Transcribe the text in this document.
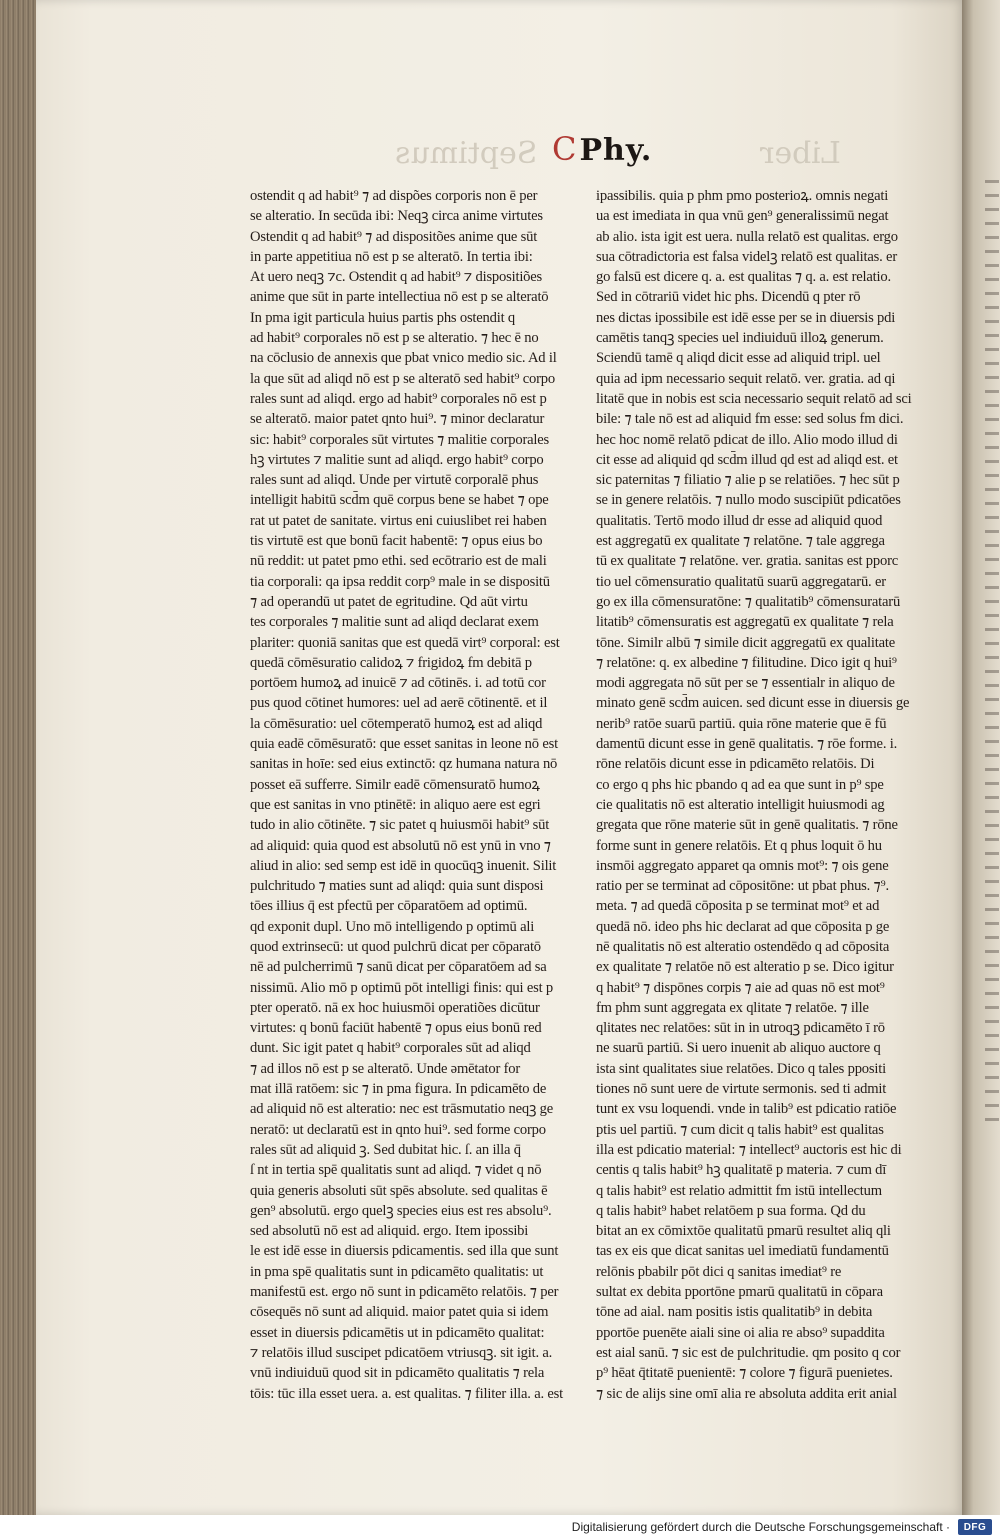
Septimus	Liber
CPhy.
ostendit q ad habit⁹ ⁊ ad dispões corporis non ē per
se alteratio. In secūda ibi: Neqꝫ circa anime virtutes
Ostendit q ad habit⁹ ⁊ ad dispositões anime que sūt
in parte appetitiua nō est p se alteratō. In tertia ibi:
At uero neqꝫ ⁊c. Ostendit q ad habit⁹ ⁊ dispositiões
anime que sūt in parte intellectiua nō est p se alteratō
In pma igit particula huius partis phs ostendit q
ad habit⁹ corporales nō est p se alteratio. ⁊ hec ē no
na cōclusio de annexis que pbat vnico medio sic. Ad il
la que sūt ad aliqd nō est p se alteratō sed habit⁹ corpo
rales sunt ad aliqd. ergo ad habit⁹ corporales nō est p
se alteratō. maior patet qnto hui⁹. ⁊ minor declaratur
sic: habit⁹ corporales sūt virtutes ⁊ malitie corporales
hꝫ virtutes ⁊ malitie sunt ad aliqd. ergo habit⁹ corpo
rales sunt ad aliqd. Unde per virtutē corporalē phus
intelligit habitū scd̄m quē corpus bene se habet ⁊ ope
rat ut patet de sanitate. virtus eni cuiuslibet rei haben
tis virtutē est que bonū facit habentē: ⁊ opus eius bo
nū reddit: ut patet pmo ethi. sed ecōtrario est de mali
tia corporali: qa ipsa reddit corp⁹ male in se dispositū
⁊ ad operandū ut patet de egritudine. Qd aūt virtu
tes corporales ⁊ malitie sunt ad aliqd declarat exem
plariter: quoniā sanitas que est quedā virt⁹ corporal: est
quedā cōmēsuratio calidoꝝ ⁊ frigidoꝝ fm debitā p
portōem humoꝝ ad inuicē ⁊ ad cōtinēs. i. ad totū cor
pus quod cōtinet humores: uel ad aerē cōtinentē. et il
la cōmēsuratio: uel cōtemperatō humoꝝ est ad aliqd
quia eadē cōmēsuratō: que esset sanitas in leone nō est
sanitas in hoīe: sed eius extinctō: qz humana natura nō
posset eā sufferre. Similr eadē cōmensuratō humoꝝ
que est sanitas in vno ptinētē: in aliquo aere est egri
tudo in alio cōtinēte. ⁊ sic patet q huiusmōi habit⁹ sūt
ad aliquid: quia quod est absolutū nō est ynū in vno ⁊
aliud in alio: sed semp est idē in quocūqꝫ inuenit. Silit
pulchritudo ⁊ maties sunt ad aliqd: quia sunt disposi
tōes illius q̄ est pfectū per cōparatōem ad optimū.
qd exponit dupl. Uno mō intelligendo p optimū ali
quod extrinsecū: ut quod pulchrū dicat per cōparatō
nē ad pulcherrimū ⁊ sanū dicat per cōparatōem ad sa
nissimū. Alio mō p optimū pōt intelligi finis: qui est p
pter operatō. nā ex hoc huiusmōi operatiões dicūtur
virtutes: q bonū faciūt habentē ⁊ opus eius bonū red
dunt. Sic igit patet q habit⁹ corporales sūt ad aliqd
⁊ ad illos nō est p se alteratō. Unde əmētator for
mat illā ratōem: sic ⁊ in pma figura. In pdicamēto de
ad aliquid nō est alteratio: nec est trāsmutatio neqꝫ ge
neratō: ut declaratū est in qnto hui⁹. sed forme corpo
rales sūt ad aliquid ꝫ. Sed dubitat hic. ſ. an illa q̄
ſ nt in tertia spē qualitatis sunt ad aliqd. ⁊ videt q nō
quia generis absoluti sūt spēs absolute. sed qualitas ē
gen⁹ absolutū. ergo quelꝫ species eius est res absolu⁹.
sed absolutū nō est ad aliquid. ergo. Item ipossibi
le est idē esse in diuersis pdicamentis. sed illa que sunt
in pma spē qualitatis sunt in pdicamēto qualitatis: ut
manifestū est. ergo nō sunt in pdicamēto relatōis. ⁊ per
cōsequēs nō sunt ad aliquid. maior patet quia si idem
esset in diuersis pdicamētis ut in pdicamēto qualitat:
⁊ relatōis illud suscipet pdicatōem vtriusqꝫ. sit igit. a.
vnū indiuiduū quod sit in pdicamēto qualitatis ⁊ rela
tōis: tūc illa esset uera. a. est qualitas. ⁊ filiter illa. a. est
ipassibilis. quia p phm pmo posterioꝝ. omnis negati
ua est imediata in qua vnū gen⁹ generalissimū negat
ab alio. ista igit est uera. nulla relatō est qualitas. ergo
sua cōtradictoria est falsa videlꝫ relatō est qualitas. er
go falsū est dicere q. a. est qualitas ⁊ q. a. est relatio.
Sed in cōtrariū videt hic phs. Dicendū q pter rō
nes dictas ipossibile est idē esse per se in diuersis pdi
camētis tanqꝫ species uel indiuiduū illoꝝ generum.
Sciendū tamē q aliqd dicit esse ad aliquid tripl. uel
quia ad ipm necessario sequit relatō. ver. gratia. ad qi
litatē que in nobis est scia necessario sequit relatō ad sci
bile: ⁊ tale nō est ad aliquid fm esse: sed solus fm dici.
hec hoc nomē relatō pdicat de illo. Alio modo illud di
cit esse ad aliquid qd scd̄m illud qd est ad aliqd est. et
sic paternitas ⁊ filiatio ⁊ alie p se relatiōes. ⁊ hec sūt p
se in genere relatōis. ⁊ nullo modo suscipiūt pdicatōes
qualitatis. Tertō modo illud dr esse ad aliquid quod
est aggregatū ex qualitate ⁊ relatōne. ⁊ tale aggrega
tū ex qualitate ⁊ relatōne. ver. gratia. sanitas est pporc
tio uel cōmensuratio qualitatū suarū aggregatarū. er
go ex illa cōmensuratōne: ⁊ qualitatib⁹ cōmensuratarū
litatib⁹ cōmensuratis est aggregatū ex qualitate ⁊ rela
tōne. Similr albū ⁊ simile dicit aggregatū ex qualitate
⁊ relatōne: q. ex albedine ⁊ filitudine. Dico igit q hui⁹
modi aggregata nō sūt per se ⁊ essentialr in aliquo de
minato genē scd̄m auicen. sed dicunt esse in diuersis ge
nerib⁹ ratōe suarū partiū. quia rōne materie que ē fū
damentū dicunt esse in genē qualitatis. ⁊ rōe forme. i.
rōne relatōis dicunt esse in pdicamēto relatōis. Di
co ergo q phs hic pbando q ad ea que sunt in p⁹ spe
cie qualitatis nō est alteratio intelligit huiusmodi ag
gregata que rōne materie sūt in genē qualitatis. ⁊ rōne
forme sunt in genere relatōis. Et q phus loquit ō hu
insmōi aggregato apparet qa omnis mot⁹: ⁊ ois gene
ratio per se terminat ad cōpositōne: ut pbat phus. ⁊⁹.
meta. ⁊ ad quedā cōposita p se terminat mot⁹ et ad
quedā nō. ideo phs hic declarat ad que cōposita p ge
nē qualitatis nō est alteratio ostendēdo q ad cōposita
ex qualitate ⁊ relatōe nō est alteratio p se. Dico igitur
q habit⁹ ⁊ dispōnes corpis ⁊ aie ad quas nō est mot⁹
fm phm sunt aggregata ex qlitate ⁊ relatōe. ⁊ ille
qlitates nec relatōes: sūt in in utroqꝫ pdicamēto ī rō
ne suarū partiū. Si uero inuenit ab aliquo auctore q
ista sint qualitates siue relatōes. Dico q tales ppositi
tiones nō sunt uere de virtute sermonis. sed ti admit
tunt ex vsu loquendi. vnde in talib⁹ est pdicatio ratiōe
ptis uel partiū. ⁊ cum dicit q talis habit⁹ est qualitas
illa est pdicatio material: ⁊ intellect⁹ auctoris est hic di
centis q talis habit⁹ hꝫ qualitatē p materia. ⁊ cum dī
q talis habit⁹ est relatio admittit fm istū intellectum
q talis habit⁹ habet relatōem p sua forma. Qd du
bitat an ex cōmixtōe qualitatū pmarū resultet aliq qli
tas ex eis que dicat sanitas uel imediatū fundamentū
relōnis pbabilr pōt dici q sanitas imediat⁹ re
sultat ex debita pportōne pmarū qualitatū in cōpara
tōne ad aial. nam positis istis qualitatib⁹ in debita
pportōe puenēte aiali sine oi alia re abso⁹ supaddita
est aial sanū. ⁊ sic est de pulchritudie. qm posito q cor
p⁹ hēat q̄titatē puenientē: ⁊ colore ⁊ figurā puenietes.
⁊ sic de alijs sine omī alia re absoluta addita erit anial
Digitalisierung gefördert durch die Deutsche Forschungsgemeinschaft ·	DFG
